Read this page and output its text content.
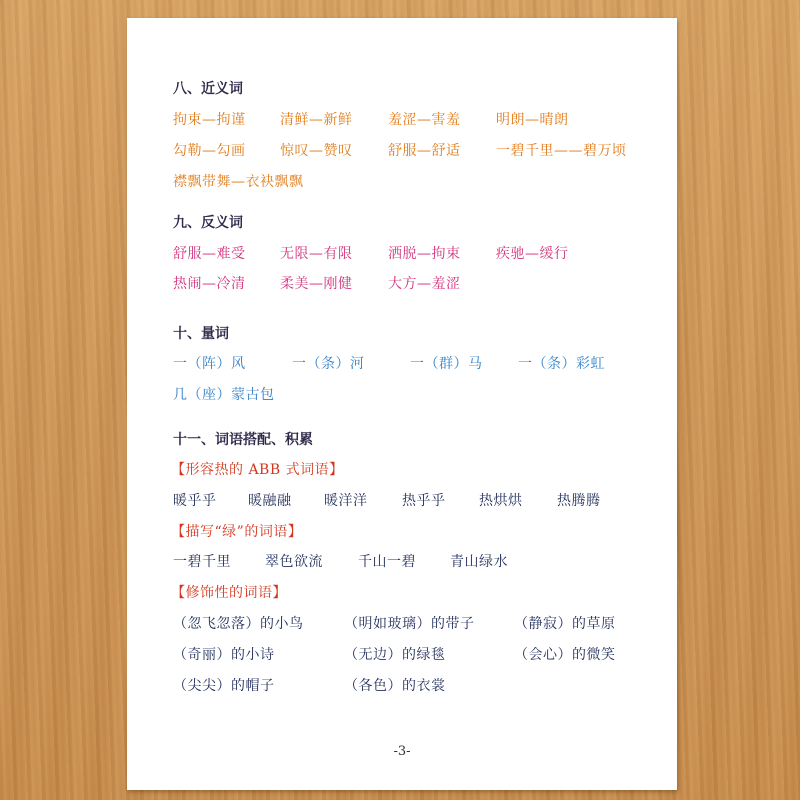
八、近义词
拘束—拘谨 清鲜—新鲜	羞涩—害羞	明朗—晴朗
勾勒—勾画 惊叹—赞叹	舒服—舒适	一碧千里——碧万顷
襟飘带舞—衣袂飘飘
九、反义词
舒服—难受 无限—有限	洒脱—拘束	疾驰—缓行
热闹—冷清 柔美—刚健	大方—羞涩
十、量词
一（阵）风	一（条）河	一（群）马	一（条）彩虹
几（座）蒙古包
十一、词语搭配、积累
【形容热的 ABB 式词语】
暖乎乎 暖融融 暖洋洋 热乎乎 热烘烘 热腾腾
【描写“绿”的词语】
一碧千里 翠色欲流	千山一碧 青山绿水
【修饰性的词语】
（忽飞忽落）的小鸟	（明如玻璃）的带子	（静寂）的草原
（奇丽）的小诗	（无边）的绿毯	（会心）的微笑
（尖尖）的帽子	（各色）的衣裳
-3-
